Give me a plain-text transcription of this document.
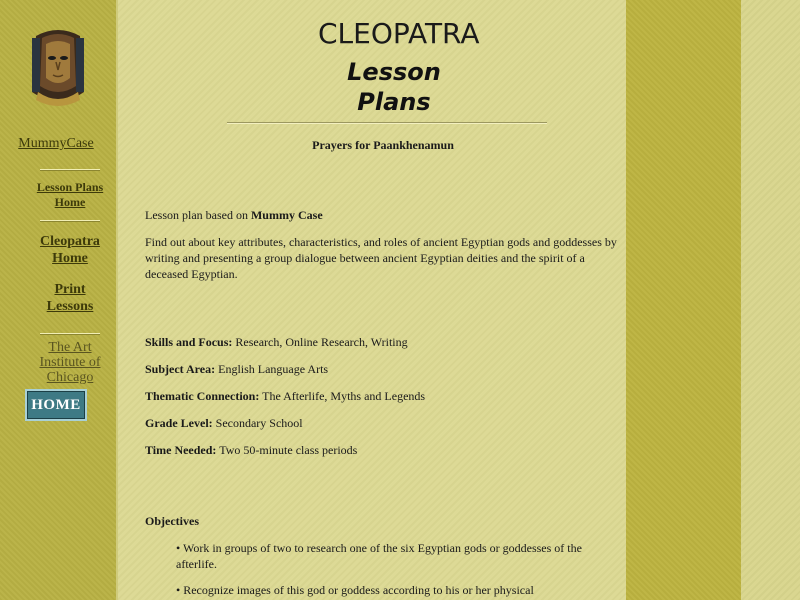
MummyCase
Lesson Plans
Home
Cleopatra
Home
Print
Lessons
The Art
Institute of
Chicago
HOME
CLEOPATRA
Lesson
Plans
Prayers for Paankhenamun
Lesson plan based on Mummy Case
Find out about key attributes, characteristics, and roles of ancient Egyptian gods and goddesses by writing and presenting a group dialogue between ancient Egyptian deities and the spirit of a deceased Egyptian.
Skills and Focus: Research, Online Research, Writing
Subject Area: English Language Arts
Thematic Connection: The Afterlife, Myths and Legends
Grade Level: Secondary School
Time Needed: Two 50-minute class periods
Objectives
• Work in groups of two to research one of the six Egyptian gods or goddesses of the afterlife.
• Recognize images of this god or goddess according to his or her physical
